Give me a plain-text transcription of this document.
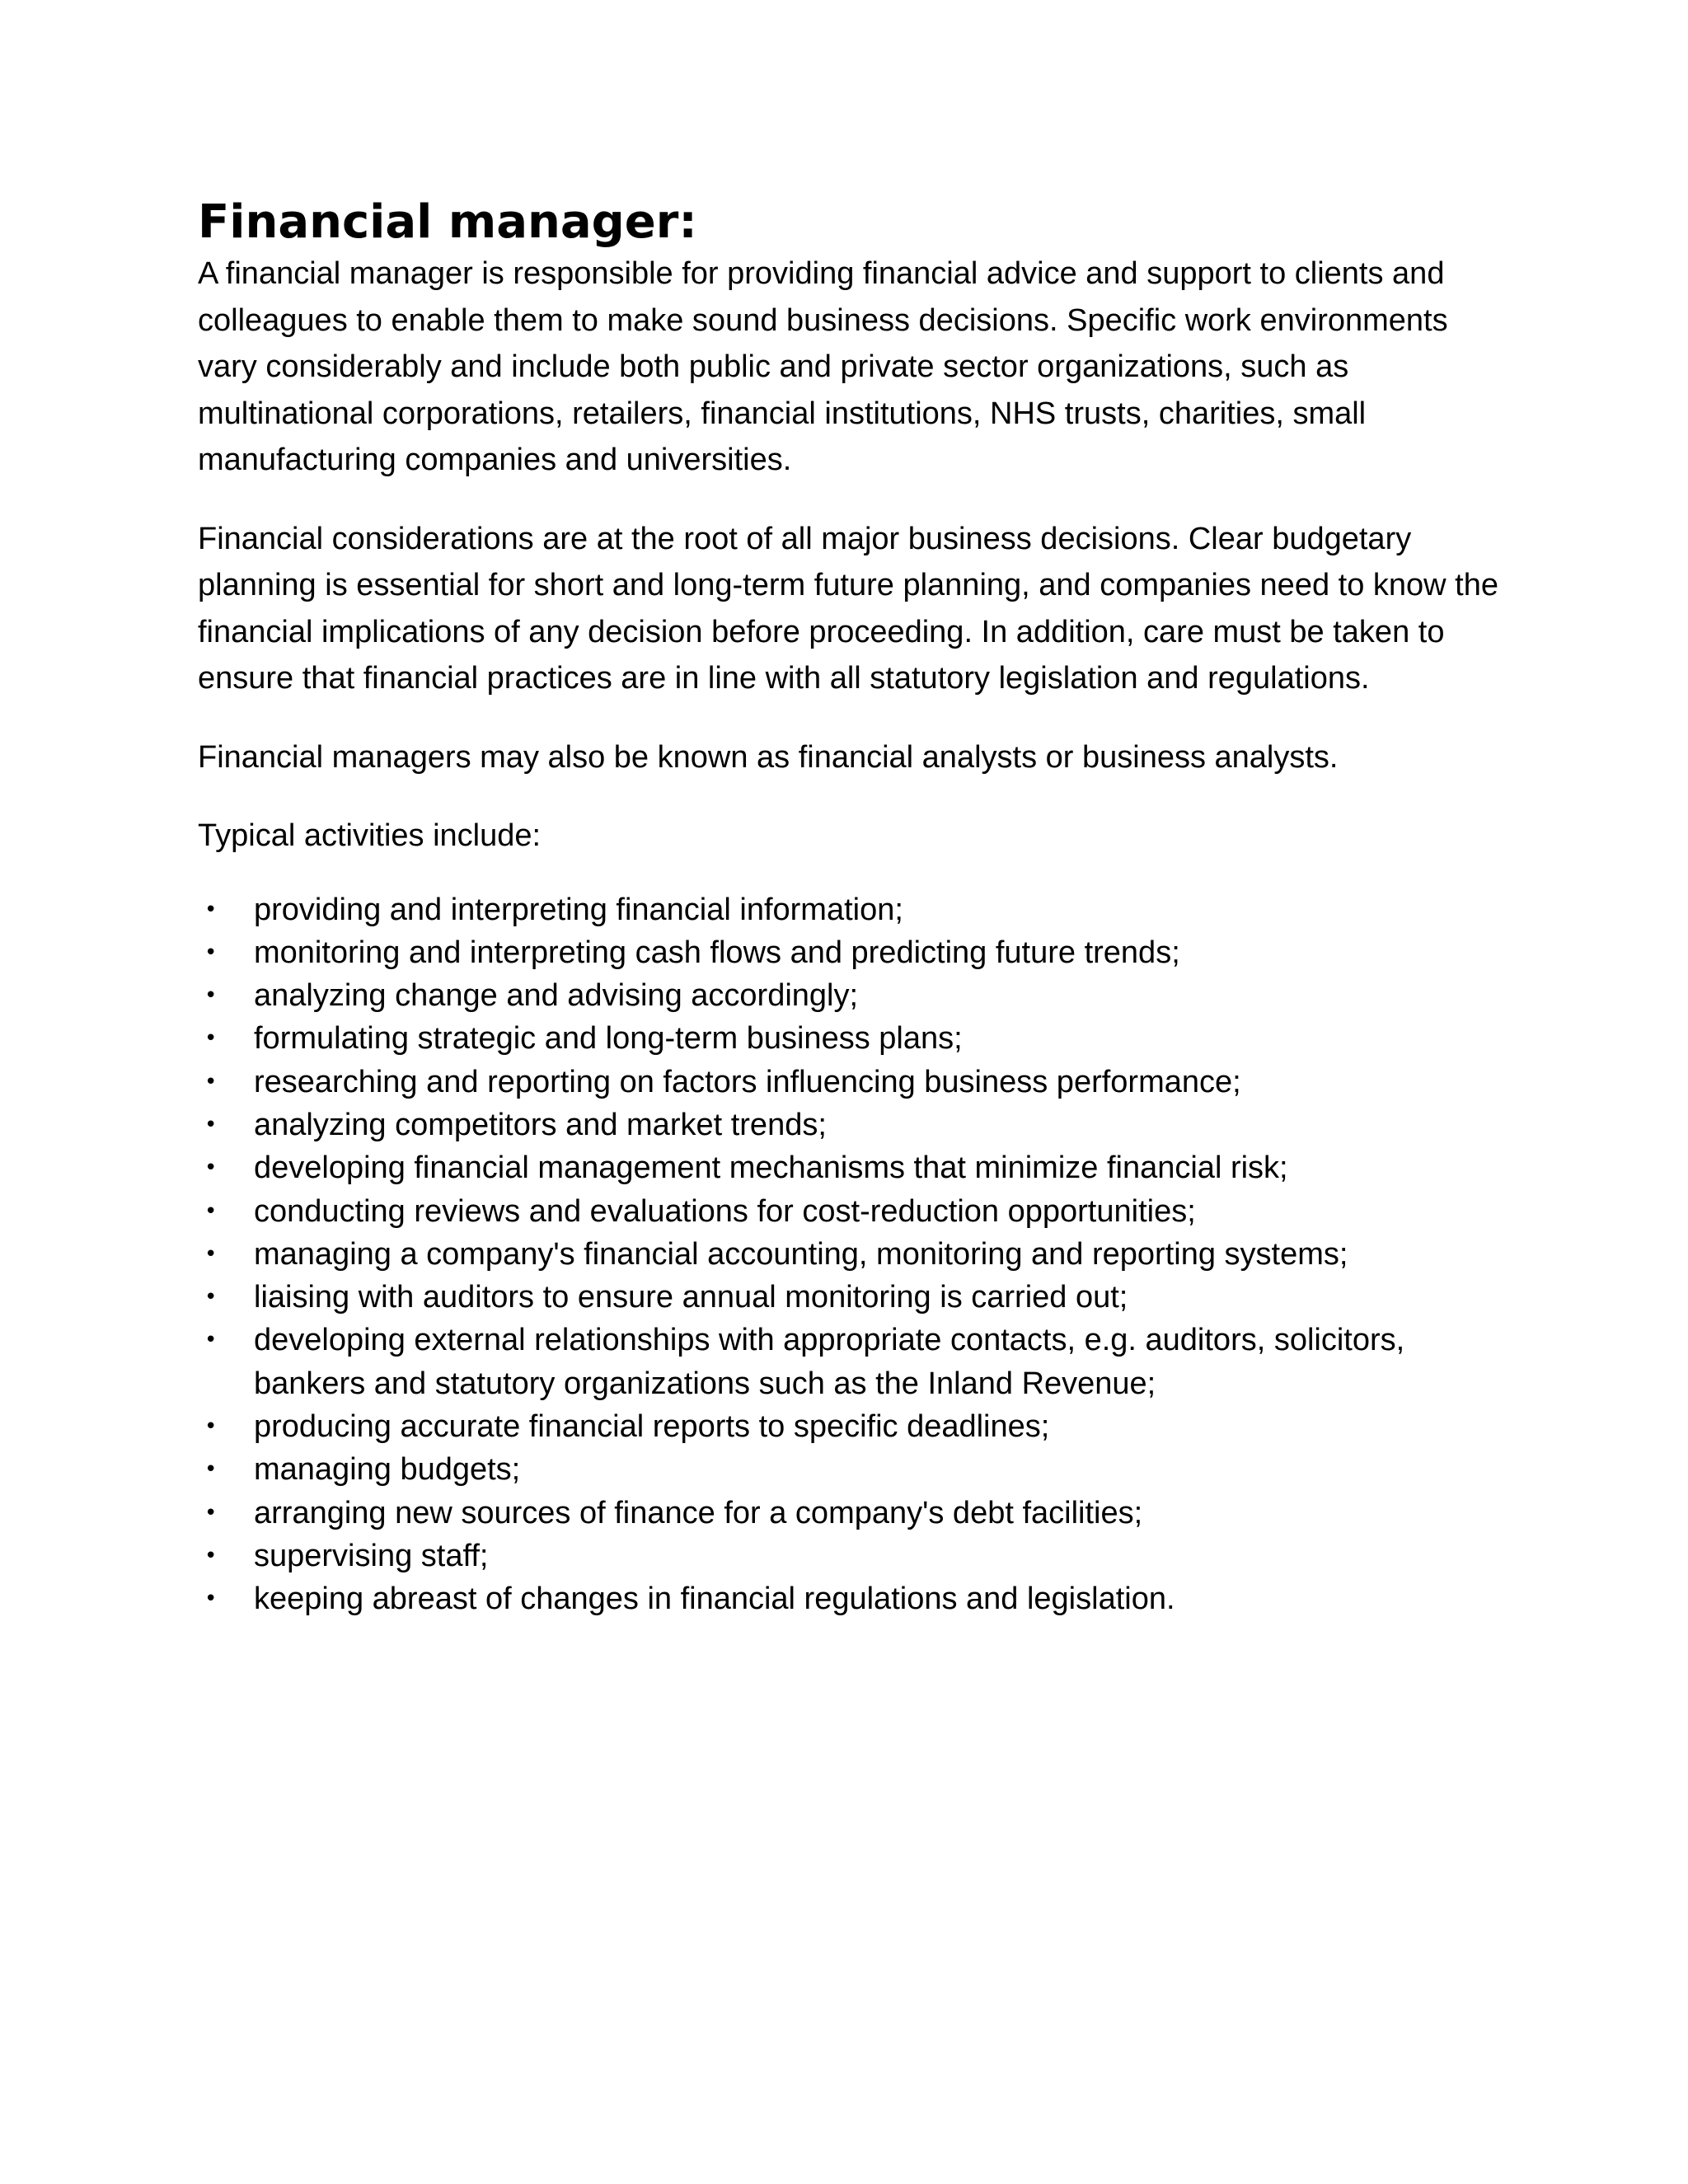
Financial manager:

A financial manager is responsible for providing financial advice and support to clients and colleagues to enable them to make sound business decisions. Specific work environments vary considerably and include both public and private sector organizations, such as multinational corporations, retailers, financial institutions, NHS trusts, charities, small manufacturing companies and universities.

Financial considerations are at the root of all major business decisions. Clear budgetary planning is essential for short and long-term future planning, and companies need to know the financial implications of any decision before proceeding. In addition, care must be taken to ensure that financial practices are in line with all statutory legislation and regulations.

Financial managers may also be known as financial analysts or business analysts.

Typical activities include:

• providing and interpreting financial information;
• monitoring and interpreting cash flows and predicting future trends;
• analyzing change and advising accordingly;
• formulating strategic and long-term business plans;
• researching and reporting on factors influencing business performance;
• analyzing competitors and market trends;
• developing financial management mechanisms that minimize financial risk;
• conducting reviews and evaluations for cost-reduction opportunities;
• managing a company's financial accounting, monitoring and reporting systems;
• liaising with auditors to ensure annual monitoring is carried out;
• developing external relationships with appropriate contacts, e.g. auditors, solicitors, bankers and statutory organizations such as the Inland Revenue;
• producing accurate financial reports to specific deadlines;
• managing budgets;
• arranging new sources of finance for a company's debt facilities;
• supervising staff;
• keeping abreast of changes in financial regulations and legislation.
